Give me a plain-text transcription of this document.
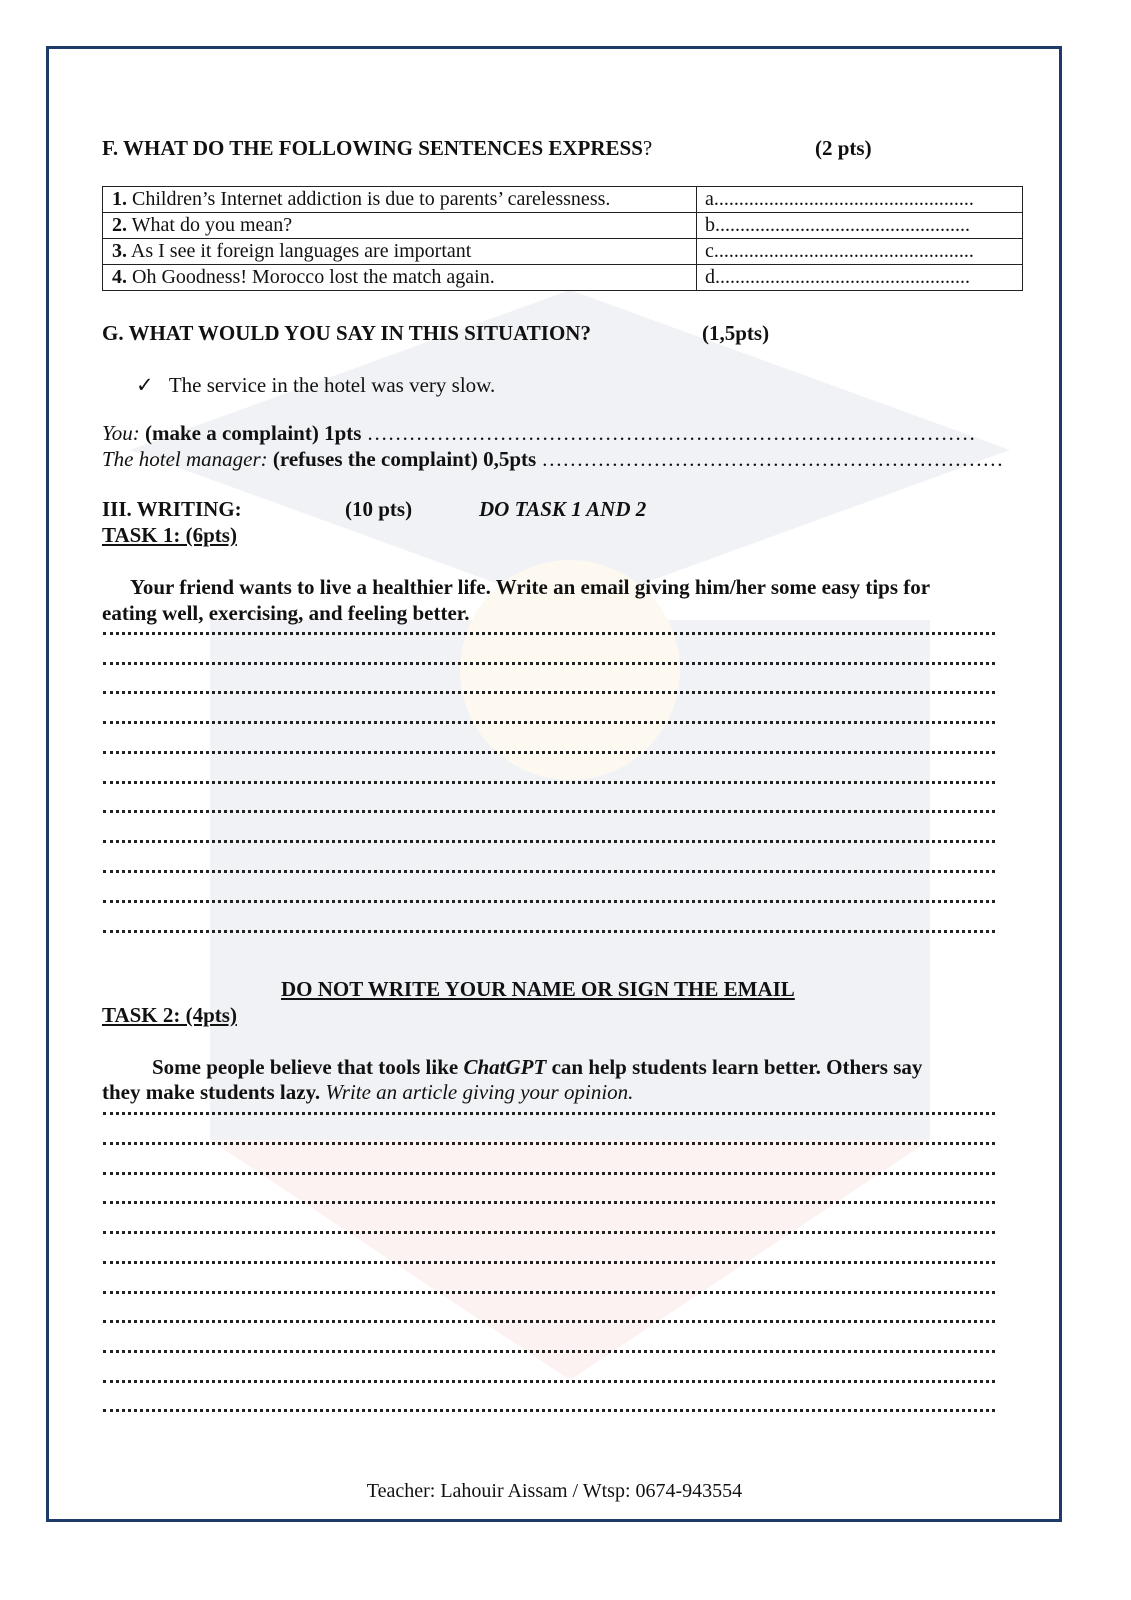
F. WHAT DO THE FOLLOWING SENTENCES EXPRESS?	(2 pts)
1. Children’s Internet addiction is due to parents’ carelessness.	a....................................................
2. What do you mean?	b...................................................
3. As I see it foreign languages are important	c....................................................
4. Oh Goodness! Morocco lost the match again.	d...................................................
G. WHAT WOULD YOU SAY IN THIS SITUATION?	(1,5pts)
✓ The service in the hotel was very slow.
You: (make a complaint) 1pts ……………………………………………………………………………
The hotel manager: (refuses the complaint) 0,5pts …………………………………………………………
III. WRITING:	(10 pts)	DO TASK 1 AND 2
TASK 1: (6pts)
Your friend wants to live a healthier life. Write an email giving him/her some easy tips for
eating well, exercising, and feeling better.
DO NOT WRITE YOUR NAME OR SIGN THE EMAIL
TASK 2: (4pts)
Some people believe that tools like ChatGPT can help students learn better. Others say
they make students lazy. Write an article giving your opinion.
Teacher: Lahouir Aissam / Wtsp: 0674-943554
